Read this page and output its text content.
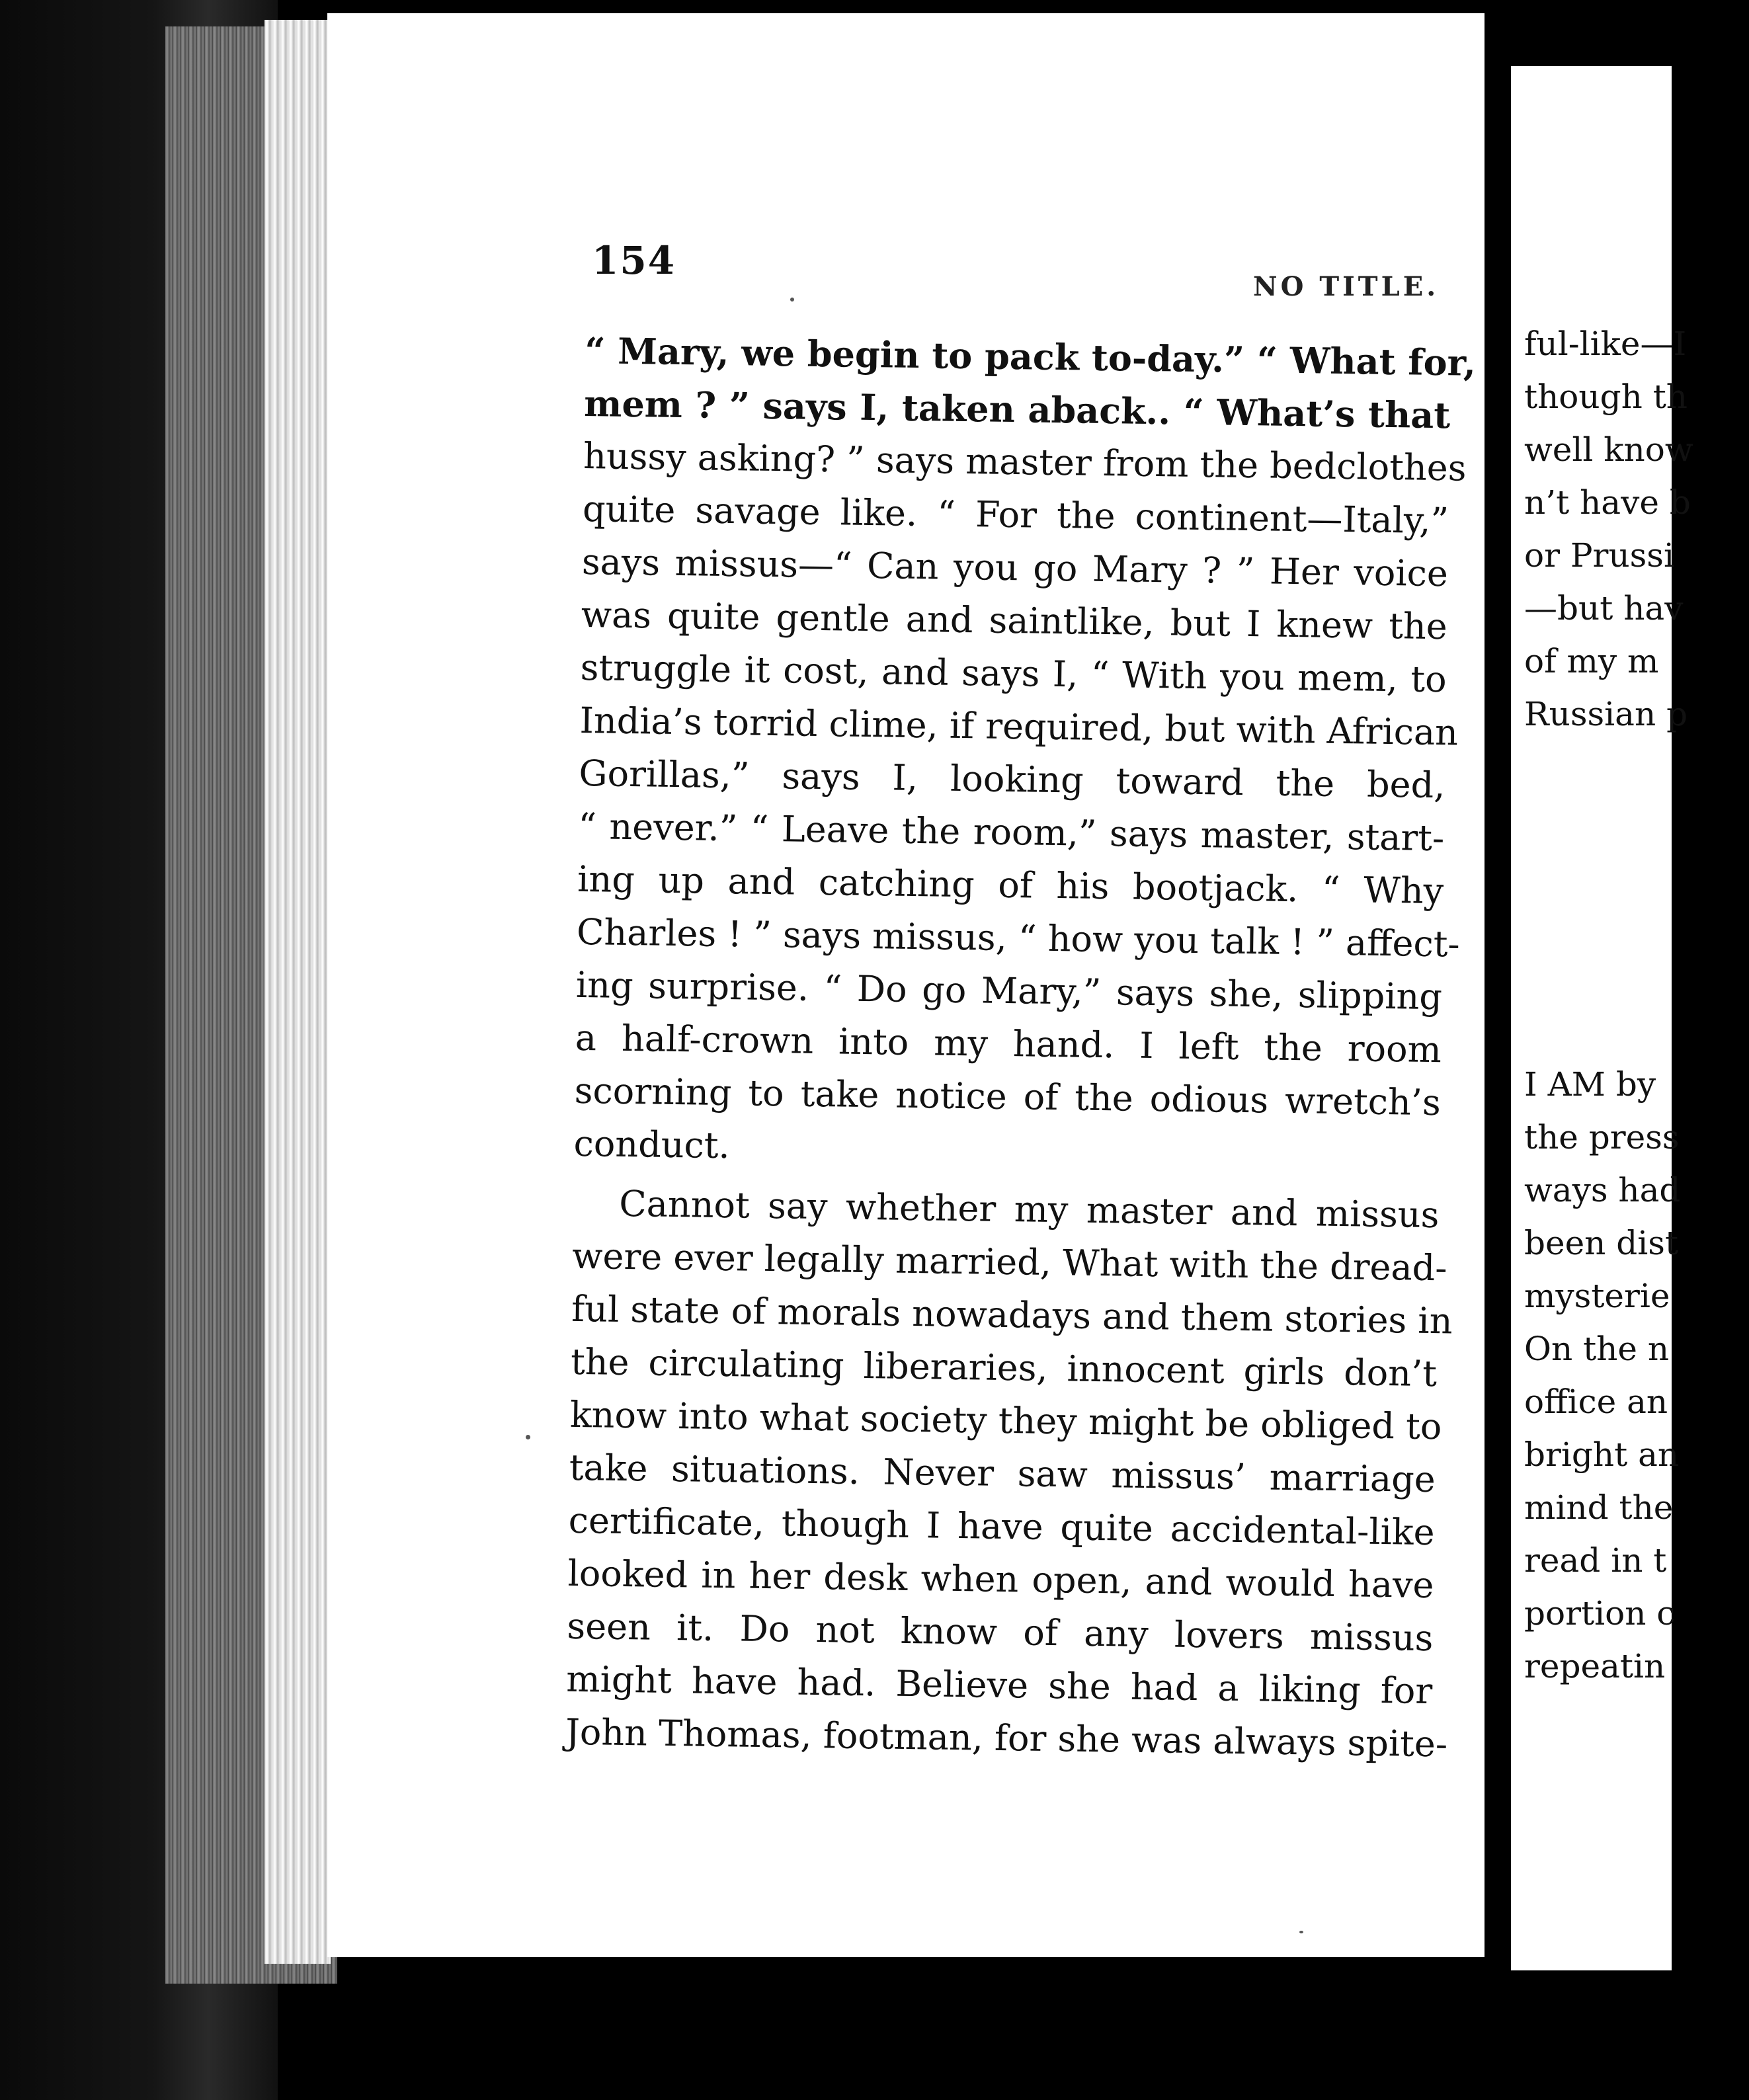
154
NO TITLE.
“ Mary, we begin to pack to-day.” “ What for,
mem ? ” says I, taken aback.. “ What’s that
hussy asking? ” says master from the bedclothes
quite savage like. “ For the continent—Italy,”
says missus—“ Can you go Mary ? ” Her voice
was quite gentle and saintlike, but I knew the
struggle it cost, and says I, “ With you mem, to
India’s torrid clime, if required, but with African
Gorillas,” says I, looking toward the bed,
“ never.” “ Leave the room,” says master, start-
ing up and catching of his bootjack. “ Why
Charles ! ” says missus, “ how you talk ! ” affect-
ing surprise. “ Do go Mary,” says she, slipping
a half-crown into my hand. I left the room
scorning to take notice of the odious wretch’s
conduct.
Cannot say whether my master and missus
were ever legally married, What with the dread-
ful state of morals nowadays and them stories in
the circulating liberaries, innocent girls don’t
know into what society they might be obliged to
take situations. Never saw missus’ marriage
certificate, though I have quite accidental-like
looked in her desk when open, and would have
seen it. Do not know of any lovers missus
might have had. Believe she had a liking for
John Thomas, footman, for she was always spite-
ful-like—I
though th
well know
n’t have b
or Prussi
—but hav
of my m
Russian p
I AM by
the press
ways had
been dist
mysterie
On the n
office an
bright an
mind the
read in t
portion c
repeatin
